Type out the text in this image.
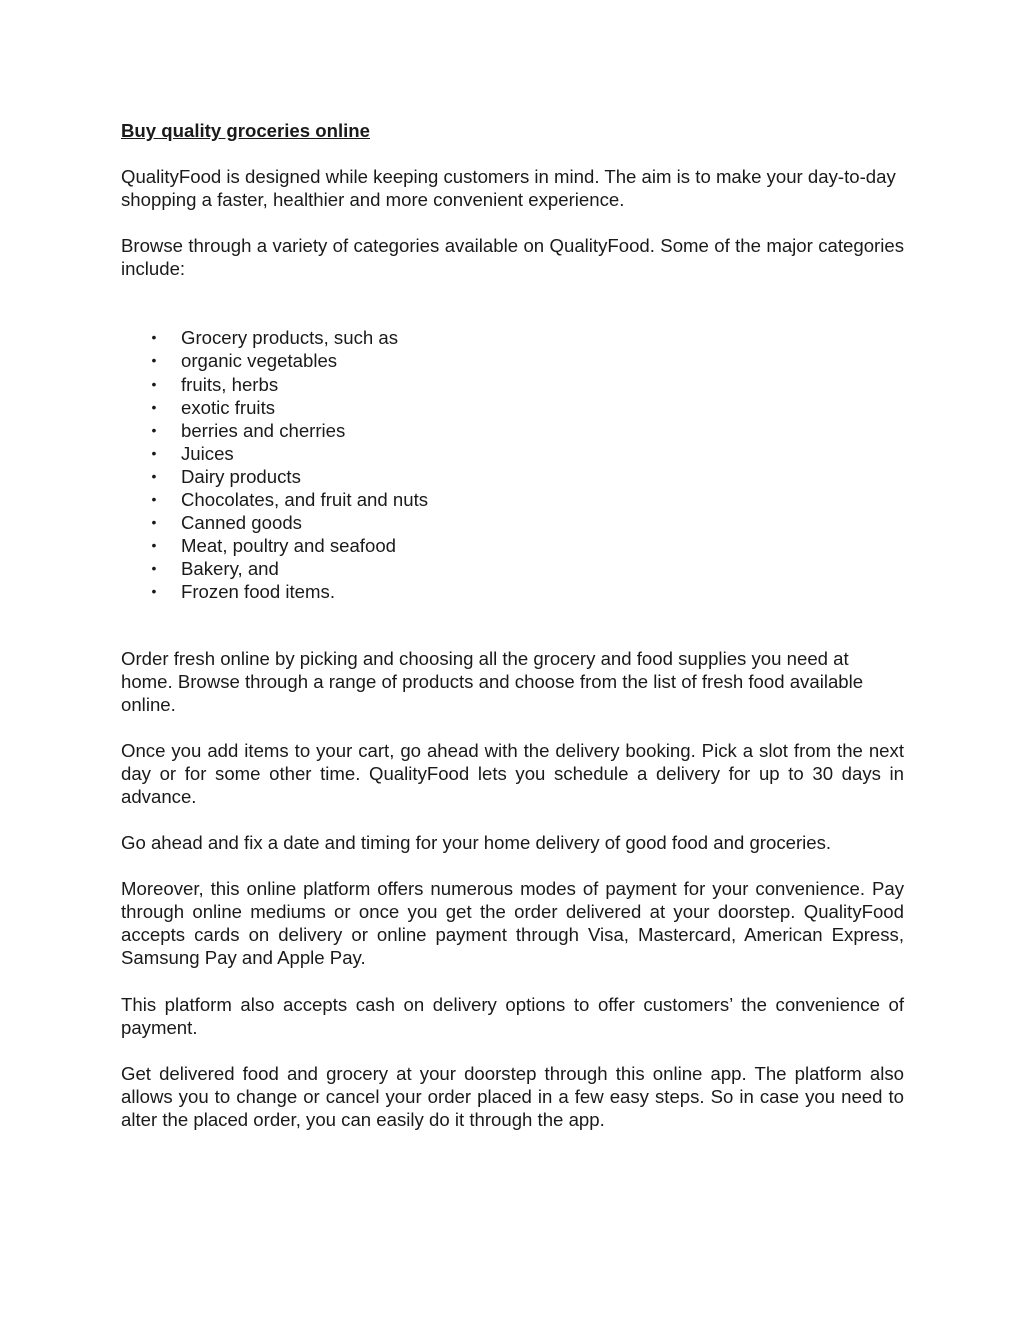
Buy quality groceries online

QualityFood is designed while keeping customers in mind. The aim is to make your day-to-day shopping a faster, healthier and more convenient experience.

Browse through a variety of categories available on QualityFood. Some of the major categories include:

• Grocery products, such as
• organic vegetables
• fruits, herbs
• exotic fruits
• berries and cherries
• Juices
• Dairy products
• Chocolates, and fruit and nuts
• Canned goods
• Meat, poultry and seafood
• Bakery, and
• Frozen food items.

Order fresh online by picking and choosing all the grocery and food supplies you need at home. Browse through a range of products and choose from the list of fresh food available online.

Once you add items to your cart, go ahead with the delivery booking. Pick a slot from the next day or for some other time. QualityFood lets you schedule a delivery for up to 30 days in advance.

Go ahead and fix a date and timing for your home delivery of good food and groceries.

Moreover, this online platform offers numerous modes of payment for your convenience. Pay through online mediums or once you get the order delivered at your doorstep. QualityFood accepts cards on delivery or online payment through Visa, Mastercard, American Express, Samsung Pay and Apple Pay.

This platform also accepts cash on delivery options to offer customers’ the convenience of payment.

Get delivered food and grocery at your doorstep through this online app. The platform also allows you to change or cancel your order placed in a few easy steps. So in case you need to alter the placed order, you can easily do it through the app.
